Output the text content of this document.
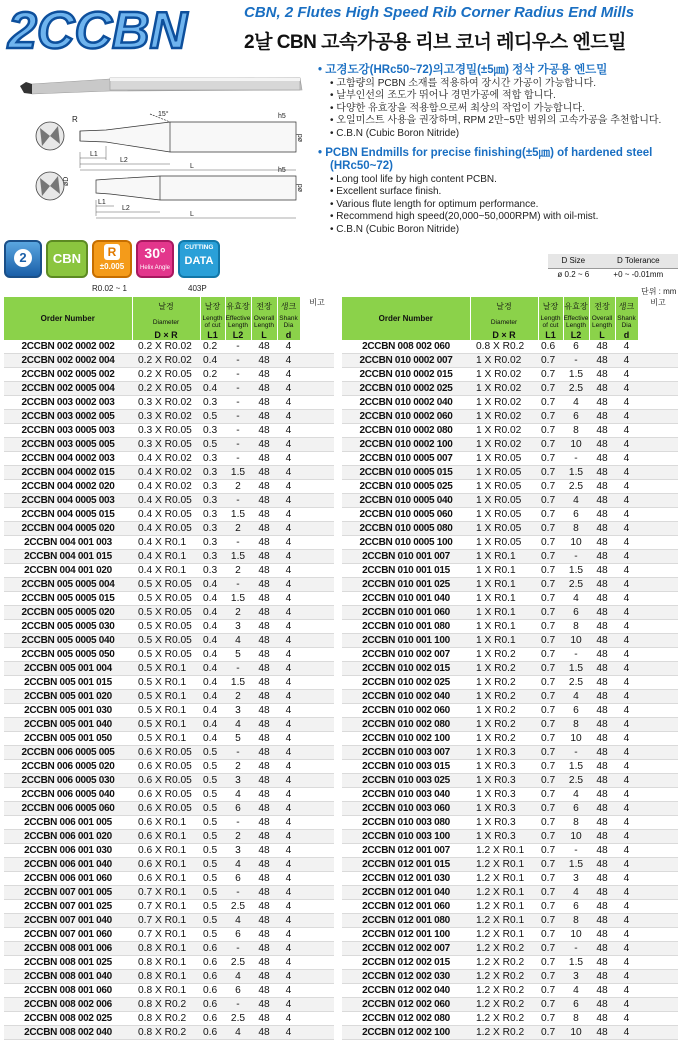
2CCBN	CBN, 2 Flutes High Speed Rib Corner Radius End Mills
2날 CBN 고속가공용 리브 코너 레디우스 엔드밀
R
15°	h5
ød
L1
L2
L
øD
h5
ød
L1
L2
L
• 고경도강(HRc50~72)의고경밀(±5㎛) 정삭 가공용 엔드밀
• 고함량의 PCBN 소재를 적용하여 장시간 가공이 가능합니다.
• 날부인선의 조도가 뛰어나 경면가공에 적합 합니다.
• 다양한 유효장을 적용함으로써 최상의 작업이 가능합니다.
• 오일미스트 사용을 권장하며, RPM 2만~5만 범위의 고속가공을 추천합니다.
• C.B.N (Cubic Boron Nitride)
• PCBN Endmills for precise finishing(±5㎛) of hardened steel (HRc50~72)
• Long tool life by high content PCBN.
• Excellent surface finish.
• Various flute length for optimum performance.
• Recommend high speed(20,000~50,000RPM) with oil-mist.
• C.B.N (Cubic Boron Nitride)
2	CBN	R
±0.005
30°
Helix Angle
CUTTING
DATA
R0.02 ~ 1	403P
D Size	D Tolerance
ø 0.2 ~ 6	+0 ~ -0.01mm
단위 : mm
Order Number	날경	날장	유효장	전장	생크	비고
	Diameter	Length of cut	Effective Length	Overall Length	Shank Dia	
	D × R	L1	L2	L	d	
2CCBN 002 0002 002	0.2 X R0.02	0.2	-	48	4	
2CCBN 002 0002 004	0.2 X R0.02	0.4	-	48	4	
2CCBN 002 0005 002	0.2 X R0.05	0.2	-	48	4	
2CCBN 002 0005 004	0.2 X R0.05	0.4	-	48	4	
2CCBN 003 0002 003	0.3 X R0.02	0.3	-	48	4	
2CCBN 003 0002 005	0.3 X R0.02	0.5	-	48	4	
2CCBN 003 0005 003	0.3 X R0.05	0.3	-	48	4	
2CCBN 003 0005 005	0.3 X R0.05	0.5	-	48	4	
2CCBN 004 0002 003	0.4 X R0.02	0.3	-	48	4	
2CCBN 004 0002 015	0.4 X R0.02	0.3	1.5	48	4	
2CCBN 004 0002 020	0.4 X R0.02	0.3	2	48	4	
2CCBN 004 0005 003	0.4 X R0.05	0.3	-	48	4	
2CCBN 004 0005 015	0.4 X R0.05	0.3	1.5	48	4	
2CCBN 004 0005 020	0.4 X R0.05	0.3	2	48	4	
2CCBN 004 001 003	0.4 X R0.1	0.3	-	48	4	
2CCBN 004 001 015	0.4 X R0.1	0.3	1.5	48	4	
2CCBN 004 001 020	0.4 X R0.1	0.3	2	48	4	
2CCBN 005 0005 004	0.5 X R0.05	0.4	-	48	4	
2CCBN 005 0005 015	0.5 X R0.05	0.4	1.5	48	4	
2CCBN 005 0005 020	0.5 X R0.05	0.4	2	48	4	
2CCBN 005 0005 030	0.5 X R0.05	0.4	3	48	4	
2CCBN 005 0005 040	0.5 X R0.05	0.4	4	48	4	
2CCBN 005 0005 050	0.5 X R0.05	0.4	5	48	4	
2CCBN 005 001 004	0.5 X R0.1	0.4	-	48	4	
2CCBN 005 001 015	0.5 X R0.1	0.4	1.5	48	4	
2CCBN 005 001 020	0.5 X R0.1	0.4	2	48	4	
2CCBN 005 001 030	0.5 X R0.1	0.4	3	48	4	
2CCBN 005 001 040	0.5 X R0.1	0.4	4	48	4	
2CCBN 005 001 050	0.5 X R0.1	0.4	5	48	4	
2CCBN 006 0005 005	0.6 X R0.05	0.5	-	48	4	
2CCBN 006 0005 020	0.6 X R0.05	0.5	2	48	4	
2CCBN 006 0005 030	0.6 X R0.05	0.5	3	48	4	
2CCBN 006 0005 040	0.6 X R0.05	0.5	4	48	4	
2CCBN 006 0005 060	0.6 X R0.05	0.5	6	48	4	
2CCBN 006 001 005	0.6 X R0.1	0.5	-	48	4	
2CCBN 006 001 020	0.6 X R0.1	0.5	2	48	4	
2CCBN 006 001 030	0.6 X R0.1	0.5	3	48	4	
2CCBN 006 001 040	0.6 X R0.1	0.5	4	48	4	
2CCBN 006 001 060	0.6 X R0.1	0.5	6	48	4	
2CCBN 007 001 005	0.7 X R0.1	0.5	-	48	4	
2CCBN 007 001 025	0.7 X R0.1	0.5	2.5	48	4	
2CCBN 007 001 040	0.7 X R0.1	0.5	4	48	4	
2CCBN 007 001 060	0.7 X R0.1	0.5	6	48	4	
2CCBN 008 001 006	0.8 X R0.1	0.6	-	48	4	
2CCBN 008 001 025	0.8 X R0.1	0.6	2.5	48	4	
2CCBN 008 001 040	0.8 X R0.1	0.6	4	48	4	
2CCBN 008 001 060	0.8 X R0.1	0.6	6	48	4	
2CCBN 008 002 006	0.8 X R0.2	0.6	-	48	4	
2CCBN 008 002 025	0.8 X R0.2	0.6	2.5	48	4	
2CCBN 008 002 040	0.8 X R0.2	0.6	4	48	4	
Order Number	날경	날장	유효장	전장	생크	비고
	Diameter	Length of cut	Effective Length	Overall Length	Shank Dia	
	D × R	L1	L2	L	d	
2CCBN 008 002 060	0.8 X R0.2	0.6	6	48	4	
2CCBN 010 0002 007	1 X R0.02	0.7	-	48	4	
2CCBN 010 0002 015	1 X R0.02	0.7	1.5	48	4	
2CCBN 010 0002 025	1 X R0.02	0.7	2.5	48	4	
2CCBN 010 0002 040	1 X R0.02	0.7	4	48	4	
2CCBN 010 0002 060	1 X R0.02	0.7	6	48	4	
2CCBN 010 0002 080	1 X R0.02	0.7	8	48	4	
2CCBN 010 0002 100	1 X R0.02	0.7	10	48	4	
2CCBN 010 0005 007	1 X R0.05	0.7	-	48	4	
2CCBN 010 0005 015	1 X R0.05	0.7	1.5	48	4	
2CCBN 010 0005 025	1 X R0.05	0.7	2.5	48	4	
2CCBN 010 0005 040	1 X R0.05	0.7	4	48	4	
2CCBN 010 0005 060	1 X R0.05	0.7	6	48	4	
2CCBN 010 0005 080	1 X R0.05	0.7	8	48	4	
2CCBN 010 0005 100	1 X R0.05	0.7	10	48	4	
2CCBN 010 001 007	1 X R0.1	0.7	-	48	4	
2CCBN 010 001 015	1 X R0.1	0.7	1.5	48	4	
2CCBN 010 001 025	1 X R0.1	0.7	2.5	48	4	
2CCBN 010 001 040	1 X R0.1	0.7	4	48	4	
2CCBN 010 001 060	1 X R0.1	0.7	6	48	4	
2CCBN 010 001 080	1 X R0.1	0.7	8	48	4	
2CCBN 010 001 100	1 X R0.1	0.7	10	48	4	
2CCBN 010 002 007	1 X R0.2	0.7	-	48	4	
2CCBN 010 002 015	1 X R0.2	0.7	1.5	48	4	
2CCBN 010 002 025	1 X R0.2	0.7	2.5	48	4	
2CCBN 010 002 040	1 X R0.2	0.7	4	48	4	
2CCBN 010 002 060	1 X R0.2	0.7	6	48	4	
2CCBN 010 002 080	1 X R0.2	0.7	8	48	4	
2CCBN 010 002 100	1 X R0.2	0.7	10	48	4	
2CCBN 010 003 007	1 X R0.3	0.7	-	48	4	
2CCBN 010 003 015	1 X R0.3	0.7	1.5	48	4	
2CCBN 010 003 025	1 X R0.3	0.7	2.5	48	4	
2CCBN 010 003 040	1 X R0.3	0.7	4	48	4	
2CCBN 010 003 060	1 X R0.3	0.7	6	48	4	
2CCBN 010 003 080	1 X R0.3	0.7	8	48	4	
2CCBN 010 003 100	1 X R0.3	0.7	10	48	4	
2CCBN 012 001 007	1.2 X R0.1	0.7	-	48	4	
2CCBN 012 001 015	1.2 X R0.1	0.7	1.5	48	4	
2CCBN 012 001 030	1.2 X R0.1	0.7	3	48	4	
2CCBN 012 001 040	1.2 X R0.1	0.7	4	48	4	
2CCBN 012 001 060	1.2 X R0.1	0.7	6	48	4	
2CCBN 012 001 080	1.2 X R0.1	0.7	8	48	4	
2CCBN 012 001 100	1.2 X R0.1	0.7	10	48	4	
2CCBN 012 002 007	1.2 X R0.2	0.7	-	48	4	
2CCBN 012 002 015	1.2 X R0.2	0.7	1.5	48	4	
2CCBN 012 002 030	1.2 X R0.2	0.7	3	48	4	
2CCBN 012 002 040	1.2 X R0.2	0.7	4	48	4	
2CCBN 012 002 060	1.2 X R0.2	0.7	6	48	4	
2CCBN 012 002 080	1.2 X R0.2	0.7	8	48	4	
2CCBN 012 002 100	1.2 X R0.2	0.7	10	48	4	
